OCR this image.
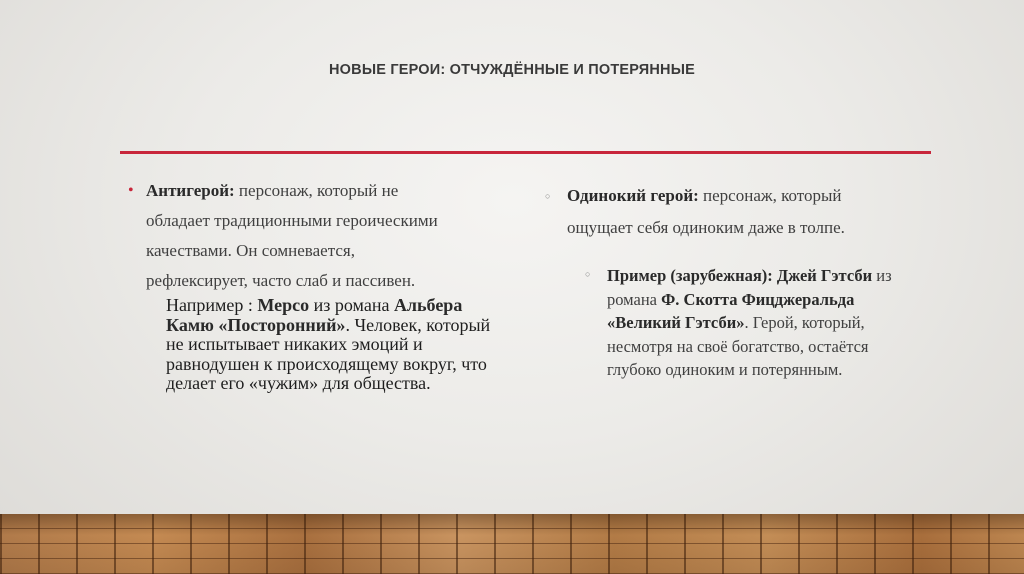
НОВЫЕ ГЕРОИ: ОТЧУЖДЁННЫЕ И ПОТЕРЯННЫЕ
• Антигерой: персонаж, который не
обладает традиционными героическими
качествами. Он сомневается,
рефлексирует, часто слаб и пассивен.
Например : Мерсо из романа Альбера Камю «Посторонний». Человек, который не испытывает никаких эмоций и равнодушен к происходящему вокруг, что делает его «чужим» для общества.
○ Одинокий герой: персонаж, который
ощущает себя одиноким даже в толпе.
○ Пример (зарубежная): Джей Гэтсби из романа Ф. Скотта Фицджеральда «Великий Гэтсби». Герой, который, несмотря на своё богатство, остаётся глубоко одиноким и потерянным.
